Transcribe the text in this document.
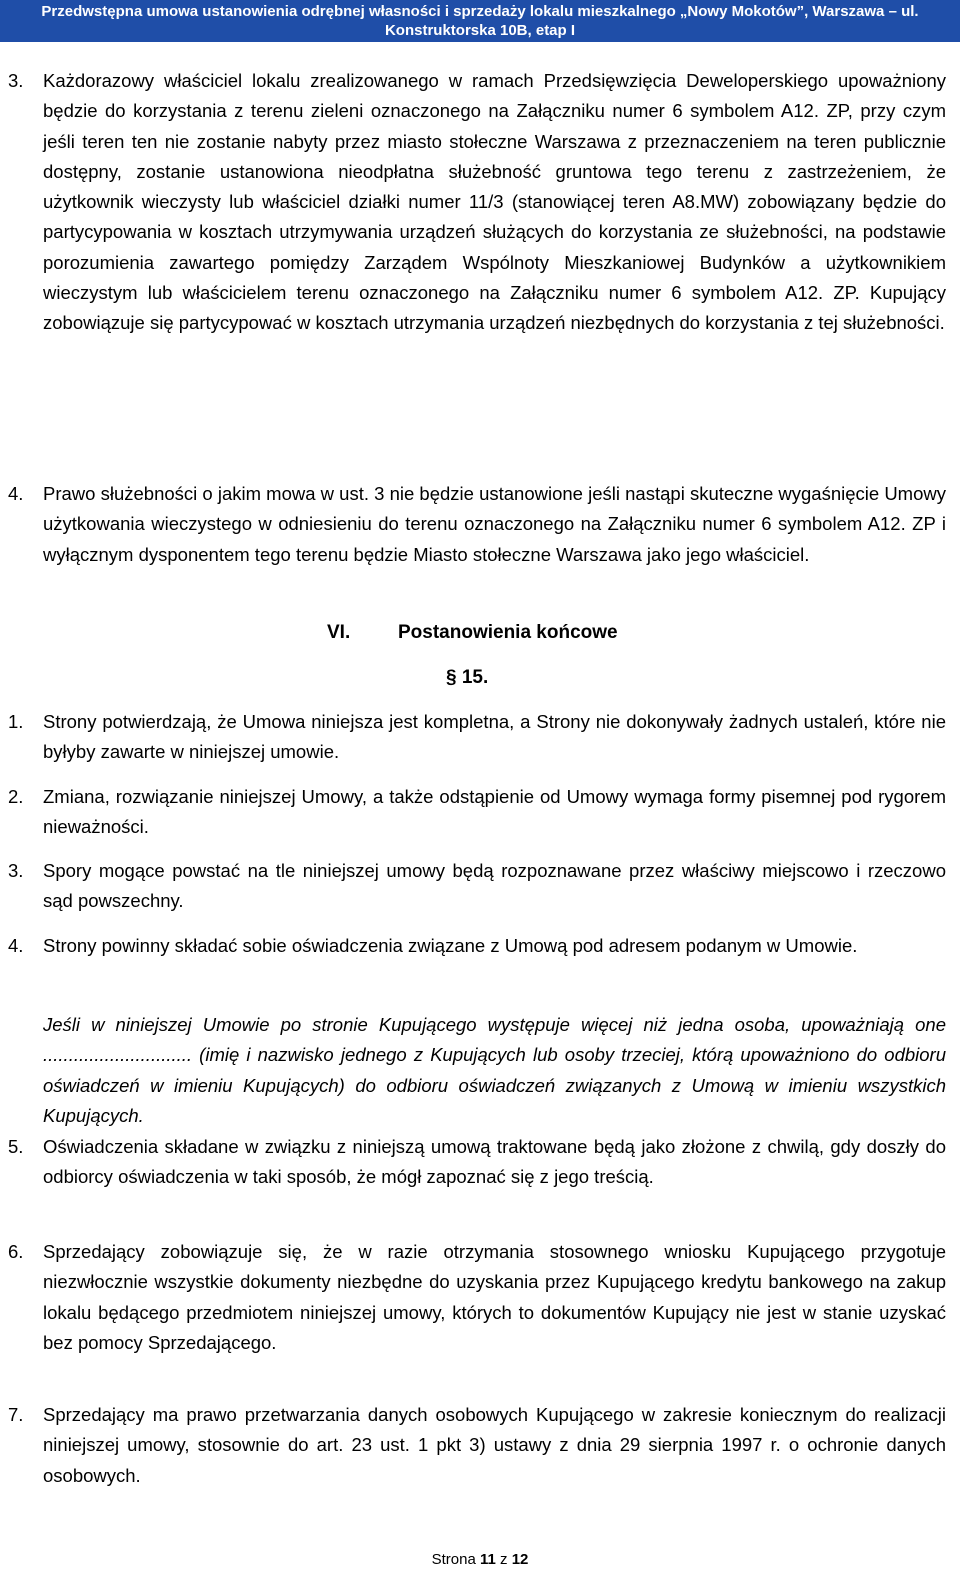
Przedwstępna umowa ustanowienia odrębnej własności i sprzedaży lokalu mieszkalnego „Nowy Mokotów”, Warszawa – ul.
Konstruktorska 10B, etap I
3. Każdorazowy właściciel lokalu zrealizowanego w ramach Przedsięwzięcia Deweloperskiego upoważniony będzie do korzystania z terenu zieleni oznaczonego na Załączniku numer 6 symbolem A12. ZP, przy czym jeśli teren ten nie zostanie nabyty przez miasto stołeczne Warszawa z przeznaczeniem na teren publicznie dostępny, zostanie ustanowiona nieodpłatna służebność gruntowa tego terenu z zastrzeżeniem, że użytkownik wieczysty lub właściciel działki numer 11/3 (stanowiącej teren A8.MW) zobowiązany będzie do partycypowania w kosztach utrzymywania urządzeń służących do korzystania ze służebności, na podstawie porozumienia zawartego pomiędzy Zarządem Wspólnoty Mieszkaniowej Budynków a użytkownikiem wieczystym lub właścicielem terenu oznaczonego na Załączniku numer 6 symbolem A12. ZP. Kupujący zobowiązuje się partycypować w kosztach utrzymania urządzeń niezbędnych do korzystania z tej służebności.
4. Prawo służebności o jakim mowa w ust. 3 nie będzie ustanowione jeśli nastąpi skuteczne wygaśnięcie Umowy użytkowania wieczystego w odniesieniu do terenu oznaczonego na Załączniku numer 6 symbolem A12. ZP i wyłącznym dysponentem tego terenu będzie Miasto stołeczne Warszawa jako jego właściciel.
VI.	Postanowienia końcowe
§ 15.
1. Strony potwierdzają, że Umowa niniejsza jest kompletna, a Strony nie dokonywały żadnych ustaleń, które nie byłyby zawarte w niniejszej umowie.
2. Zmiana, rozwiązanie niniejszej Umowy, a także odstąpienie od Umowy wymaga formy pisemnej pod rygorem nieważności.
3. Spory mogące powstać na tle niniejszej umowy będą rozpoznawane przez właściwy miejscowo i rzeczowo sąd powszechny.
4. Strony powinny składać sobie oświadczenia związane z Umową pod adresem podanym w Umowie.
Jeśli w niniejszej Umowie po stronie Kupującego występuje więcej niż jedna osoba, upoważniają one ............................. (imię i nazwisko jednego z Kupujących lub osoby trzeciej, którą upoważniono do odbioru oświadczeń w imieniu Kupujących) do odbioru oświadczeń związanych z Umową w imieniu wszystkich Kupujących.
5. Oświadczenia składane w związku z niniejszą umową traktowane będą jako złożone z chwilą, gdy doszły do odbiorcy oświadczenia w taki sposób, że mógł zapoznać się z jego treścią.
6. Sprzedający zobowiązuje się, że w razie otrzymania stosownego wniosku Kupującego przygotuje niezwłocznie wszystkie dokumenty niezbędne do uzyskania przez Kupującego kredytu bankowego na zakup lokalu będącego przedmiotem niniejszej umowy, których to dokumentów Kupujący nie jest w stanie uzyskać bez pomocy Sprzedającego.
7. Sprzedający ma prawo przetwarzania danych osobowych Kupującego w zakresie koniecznym do realizacji niniejszej umowy, stosownie do art. 23 ust. 1 pkt 3) ustawy z dnia 29 sierpnia 1997 r. o ochronie danych osobowych.
Strona 11 z 12
